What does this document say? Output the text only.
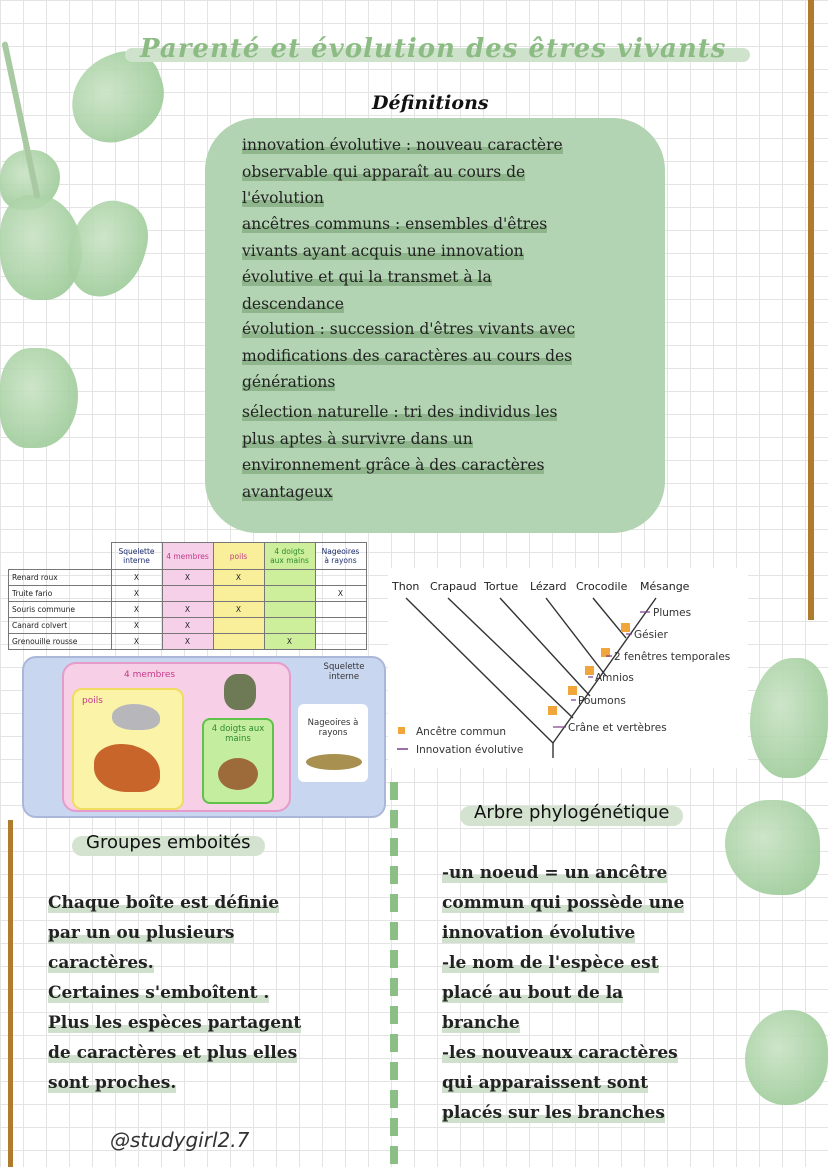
Parenté et évolution des êtres vivants
Définitions
innovation évolutive : nouveau caractère
observable qui apparaît au cours de
l'évolution
ancêtres communs : ensembles d'êtres
vivants ayant acquis une innovation
évolutive et qui la transmet à la
descendance
évolution : succession d'êtres vivants avec
modifications des caractères au cours des
générations
sélection naturelle : tri des individus les
plus aptes à survivre dans un
environnement grâce à des caractères
avantageux
	Squelette interne	4 membres	poils	4 doigts aux mains	Nageoires à rayons
Renard roux	X	X	X		
Truite fario	X				X
Souris commune	X	X	X		
Canard colvert	X	X			
Grenouille rousse	X	X		X	
Squelette interne
4 membres
poils
4 doigts aux mains
Nageoires à rayons
Thon Crapaud Tortue Lézard Crocodile Mésange
Plumes
Gésier
2 fenêtres temporales
Amnios
Poumons
Crâne et vertèbres
Ancêtre commun
Innovation évolutive
Groupes emboités
Chaque boîte est définie
par un ou plusieurs
caractères.
Certaines s'emboîtent .
Plus les espèces partagent
de caractères et plus elles
sont proches.
Arbre phylogénétique
-un noeud = un ancêtre
commun qui possède une
innovation évolutive
-le nom de l'espèce est
placé au bout de la
branche
-les nouveaux caractères
qui apparaissent sont
placés sur les branches
@studygirl2.7
